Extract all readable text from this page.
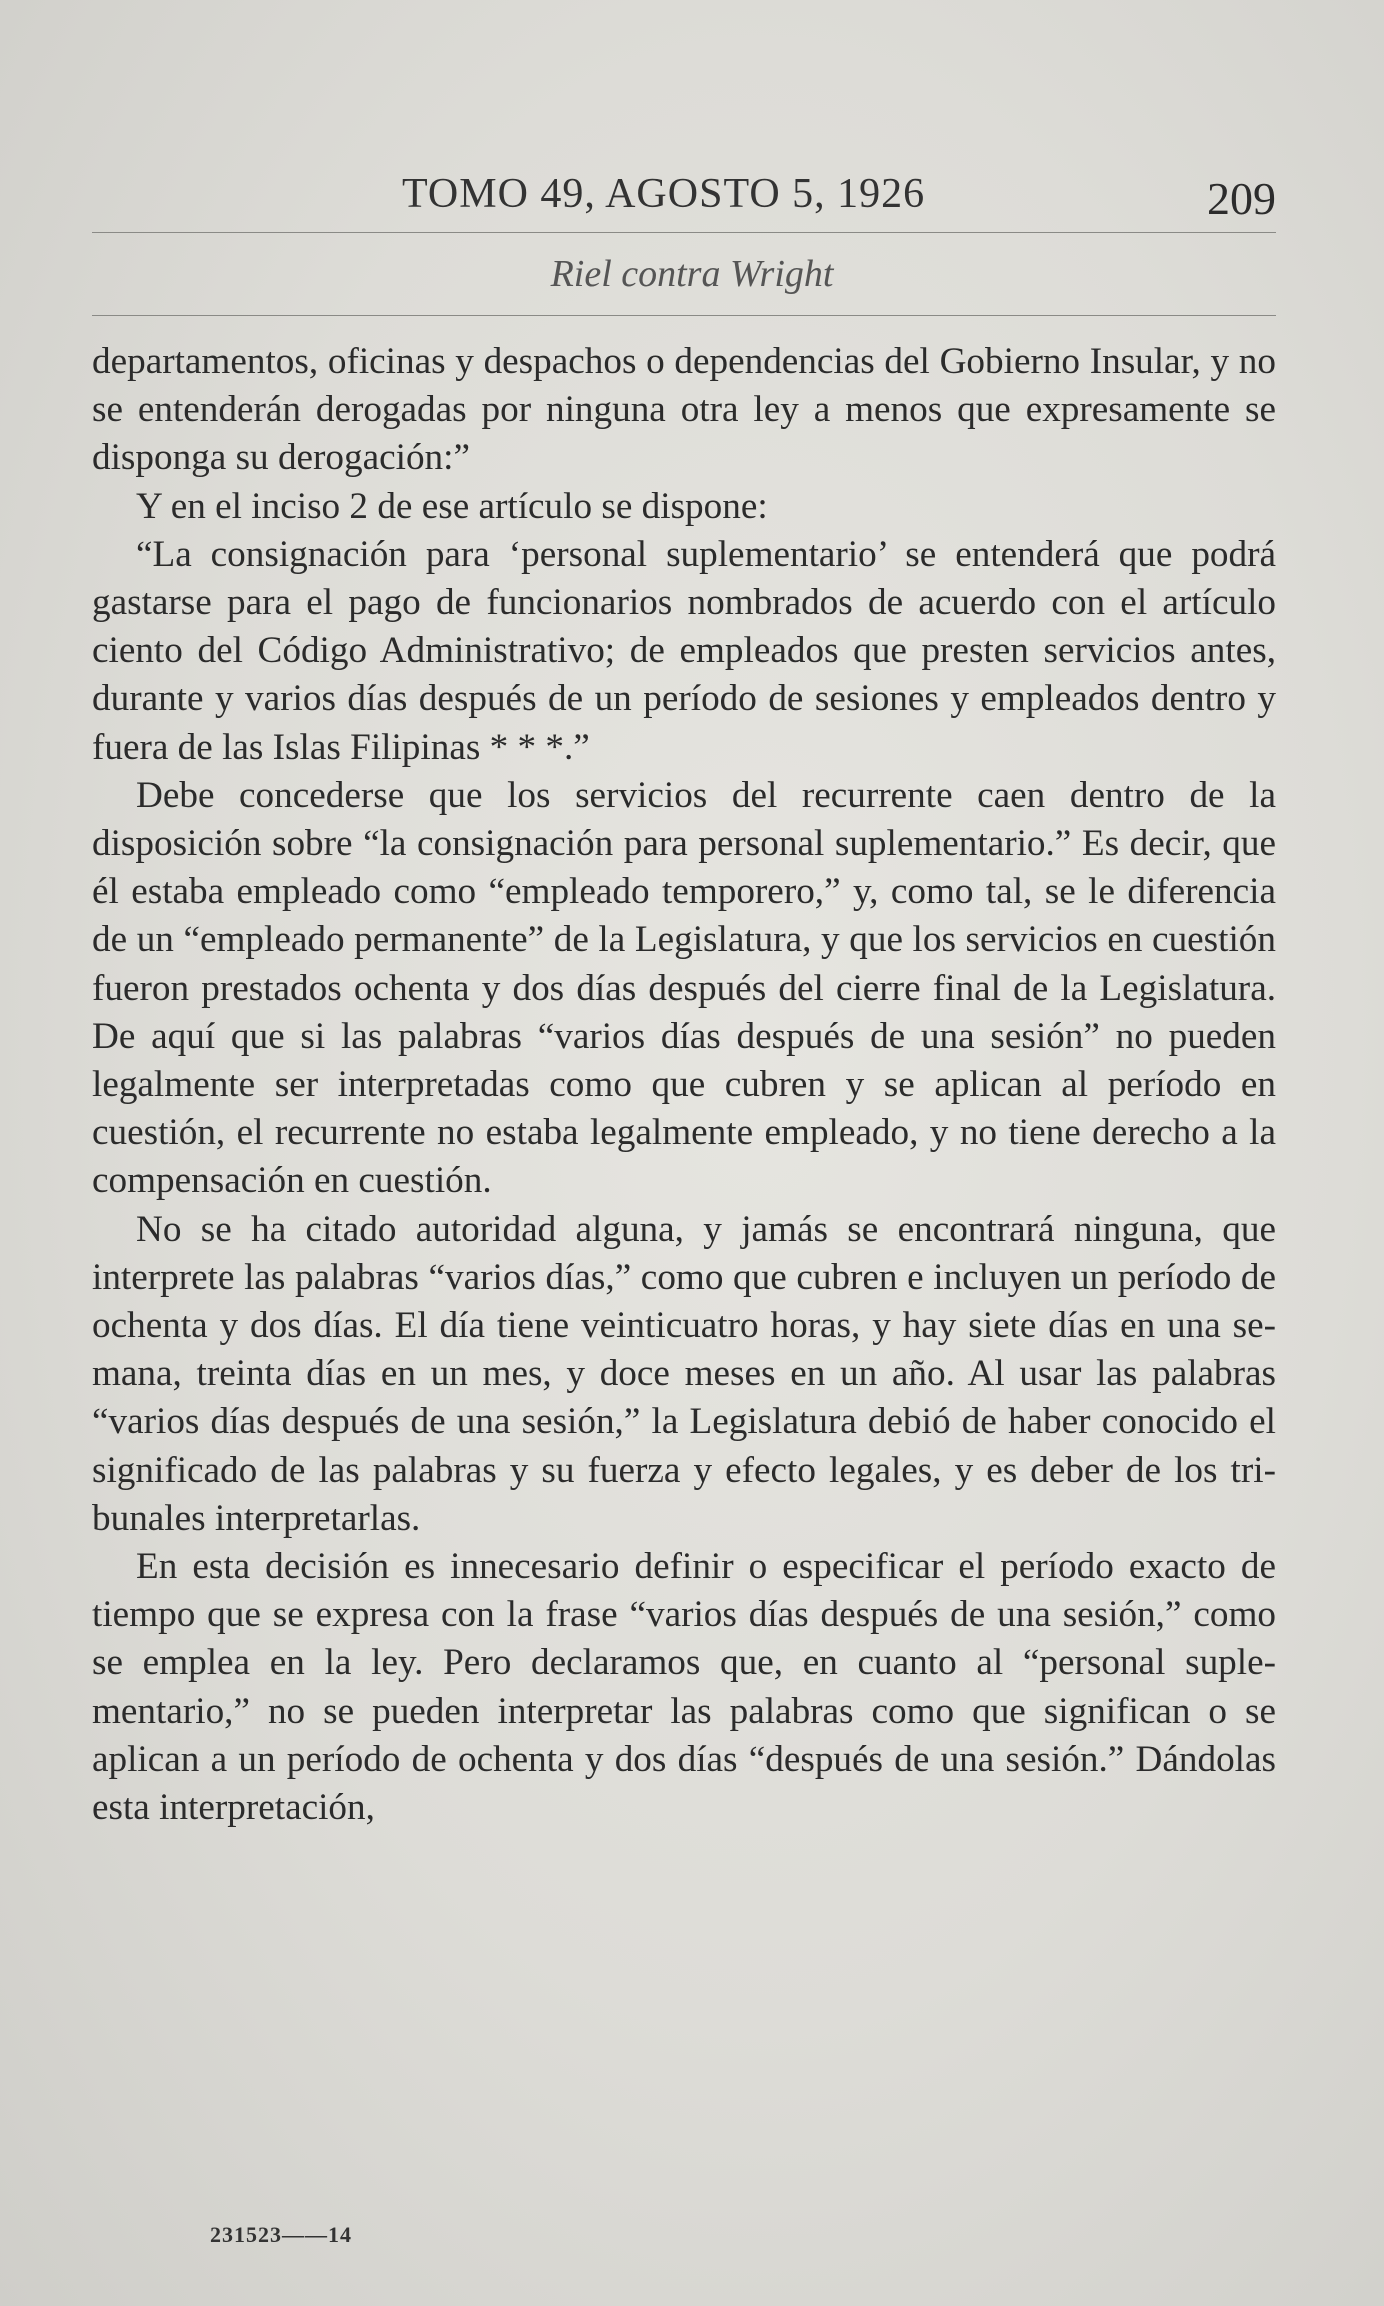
TOMO 49, AGOSTO 5, 1926	209
Riel contra Wright

departamentos, oficinas y despachos o dependencias del Gobierno Insular, y no se entenderán derogadas por ninguna otra ley a menos que expresamente se disponga su derogación:”

Y en el inciso 2 de ese artículo se dispone:

“La consignación para ‘personal suplementario’ se entenderá que podrá gastarse para el pago de funcionarios nombrados de acuerdo con el artículo ciento del Código Administrativo; de empleados que presten servicios antes, durante y varios días después de un período de sesiones y empleados dentro y fuera de las Islas Filipinas * * *.”

Debe concederse que los servicios del recurrente caen dentro de la disposición sobre “la consignación para personal suplementario.” Es decir, que él estaba empleado como “empleado temporero,” y, como tal, se le diferencia de un “empleado permanente” de la Legislatura, y que los servicios en cuestión fueron prestados ochenta y dos días después del cierre final de la Legislatura. De aquí que si las palabras “varios días después de una sesión” no pueden legalmente ser interpretadas como que cubren y se aplican al período en cuestión, el recurrente no estaba legalmente empleado, y no tiene derecho a la compensación en cuestión.

No se ha citado autoridad alguna, y jamás se encontrará ninguna, que interprete las palabras “varios días,” como que cubren e incluyen un período de ochenta y dos días. El día tiene veinticuatro horas, y hay siete días en una semana, treinta días en un mes, y doce meses en un año. Al usar las palabras “varios días después de una sesión,” la Legislatura debió de haber conocido el significado de las palabras y su fuerza y efecto legales, y es deber de los tribunales interpretarlas.

En esta decisión es innecesario definir o especificar el período exacto de tiempo que se expresa con la frase “varios días después de una sesión,” como se emplea en la ley. Pero declaramos que, en cuanto al “personal suplementario,” no se pueden interpretar las palabras como que significan o se aplican a un período de ochenta y dos días “después de una sesión.” Dándolas esta interpretación,

231523——14
